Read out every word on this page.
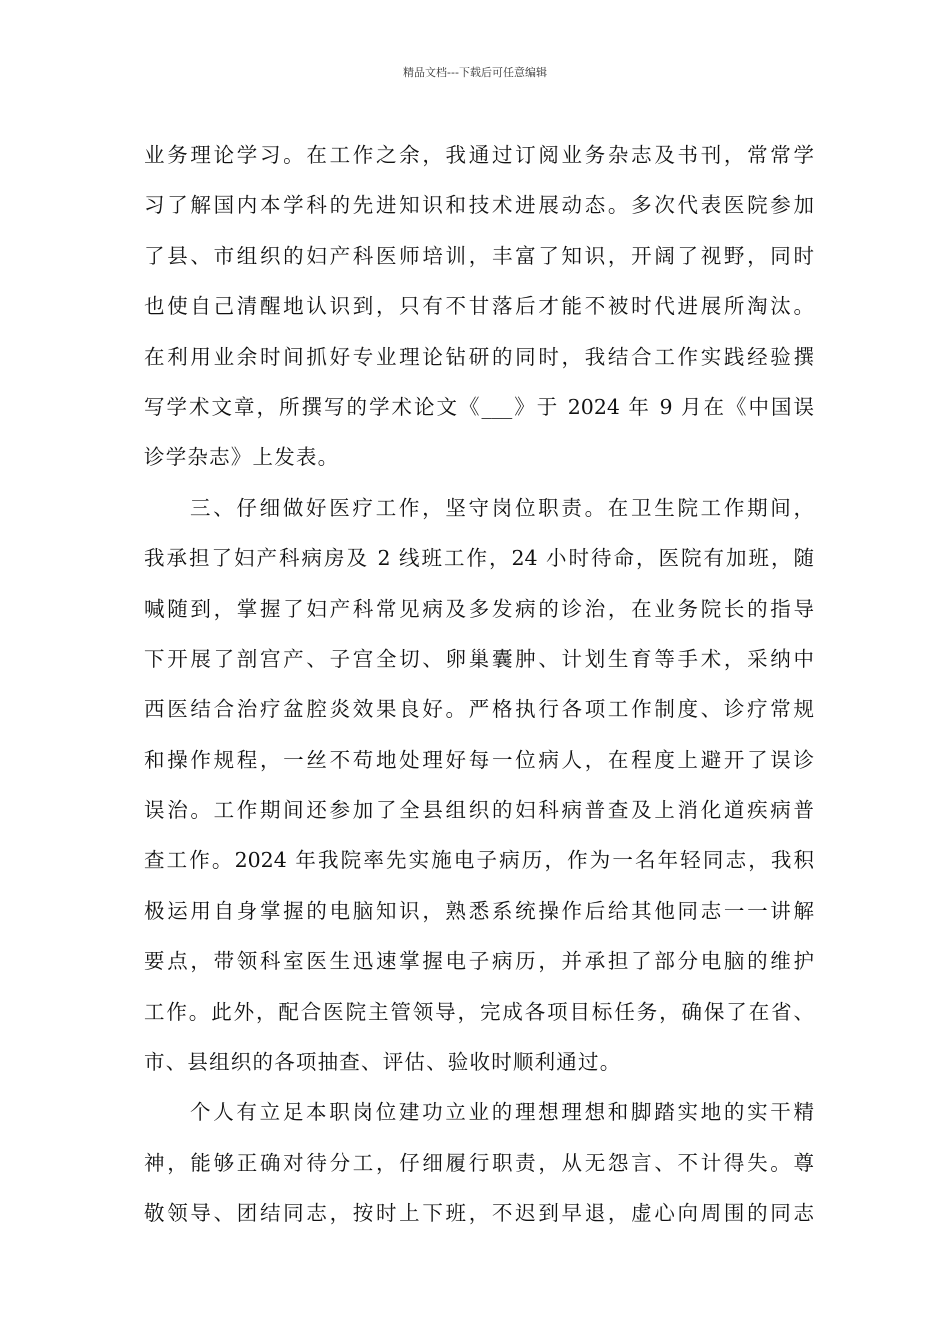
精品文档---下载后可任意编辑
业务理论学习。在工作之余，我通过订阅业务杂志及书刊，常常学
习了解国内本学科的先进知识和技术进展动态。多次代表医院参加
了县、市组织的妇产科医师培训，丰富了知识，开阔了视野，同时
也使自己清醒地认识到，只有不甘落后才能不被时代进展所淘汰。
在利用业余时间抓好专业理论钻研的同时，我结合工作实践经验撰
写学术文章，所撰写的学术论文《___》于 2024 年 9 月在《中国误
诊学杂志》上发表。
三、仔细做好医疗工作，坚守岗位职责。在卫生院工作期间，
我承担了妇产科病房及 2 线班工作，24 小时待命，医院有加班，随
喊随到，掌握了妇产科常见病及多发病的诊治，在业务院长的指导
下开展了剖宫产、子宫全切、卵巢囊肿、计划生育等手术，采纳中
西医结合治疗盆腔炎效果良好。严格执行各项工作制度、诊疗常规
和操作规程，一丝不苟地处理好每一位病人，在程度上避开了误诊
误治。工作期间还参加了全县组织的妇科病普查及上消化道疾病普
查工作。2024 年我院率先实施电子病历，作为一名年轻同志，我积
极运用自身掌握的电脑知识，熟悉系统操作后给其他同志一一讲解
要点，带领科室医生迅速掌握电子病历，并承担了部分电脑的维护
工作。此外，配合医院主管领导，完成各项目标任务，确保了在省、
市、县组织的各项抽查、评估、验收时顺利通过。
个人有立足本职岗位建功立业的理想理想和脚踏实地的实干精
神，能够正确对待分工，仔细履行职责，从无怨言、不计得失。尊
敬领导、团结同志，按时上下班，不迟到早退，虚心向周围的同志
